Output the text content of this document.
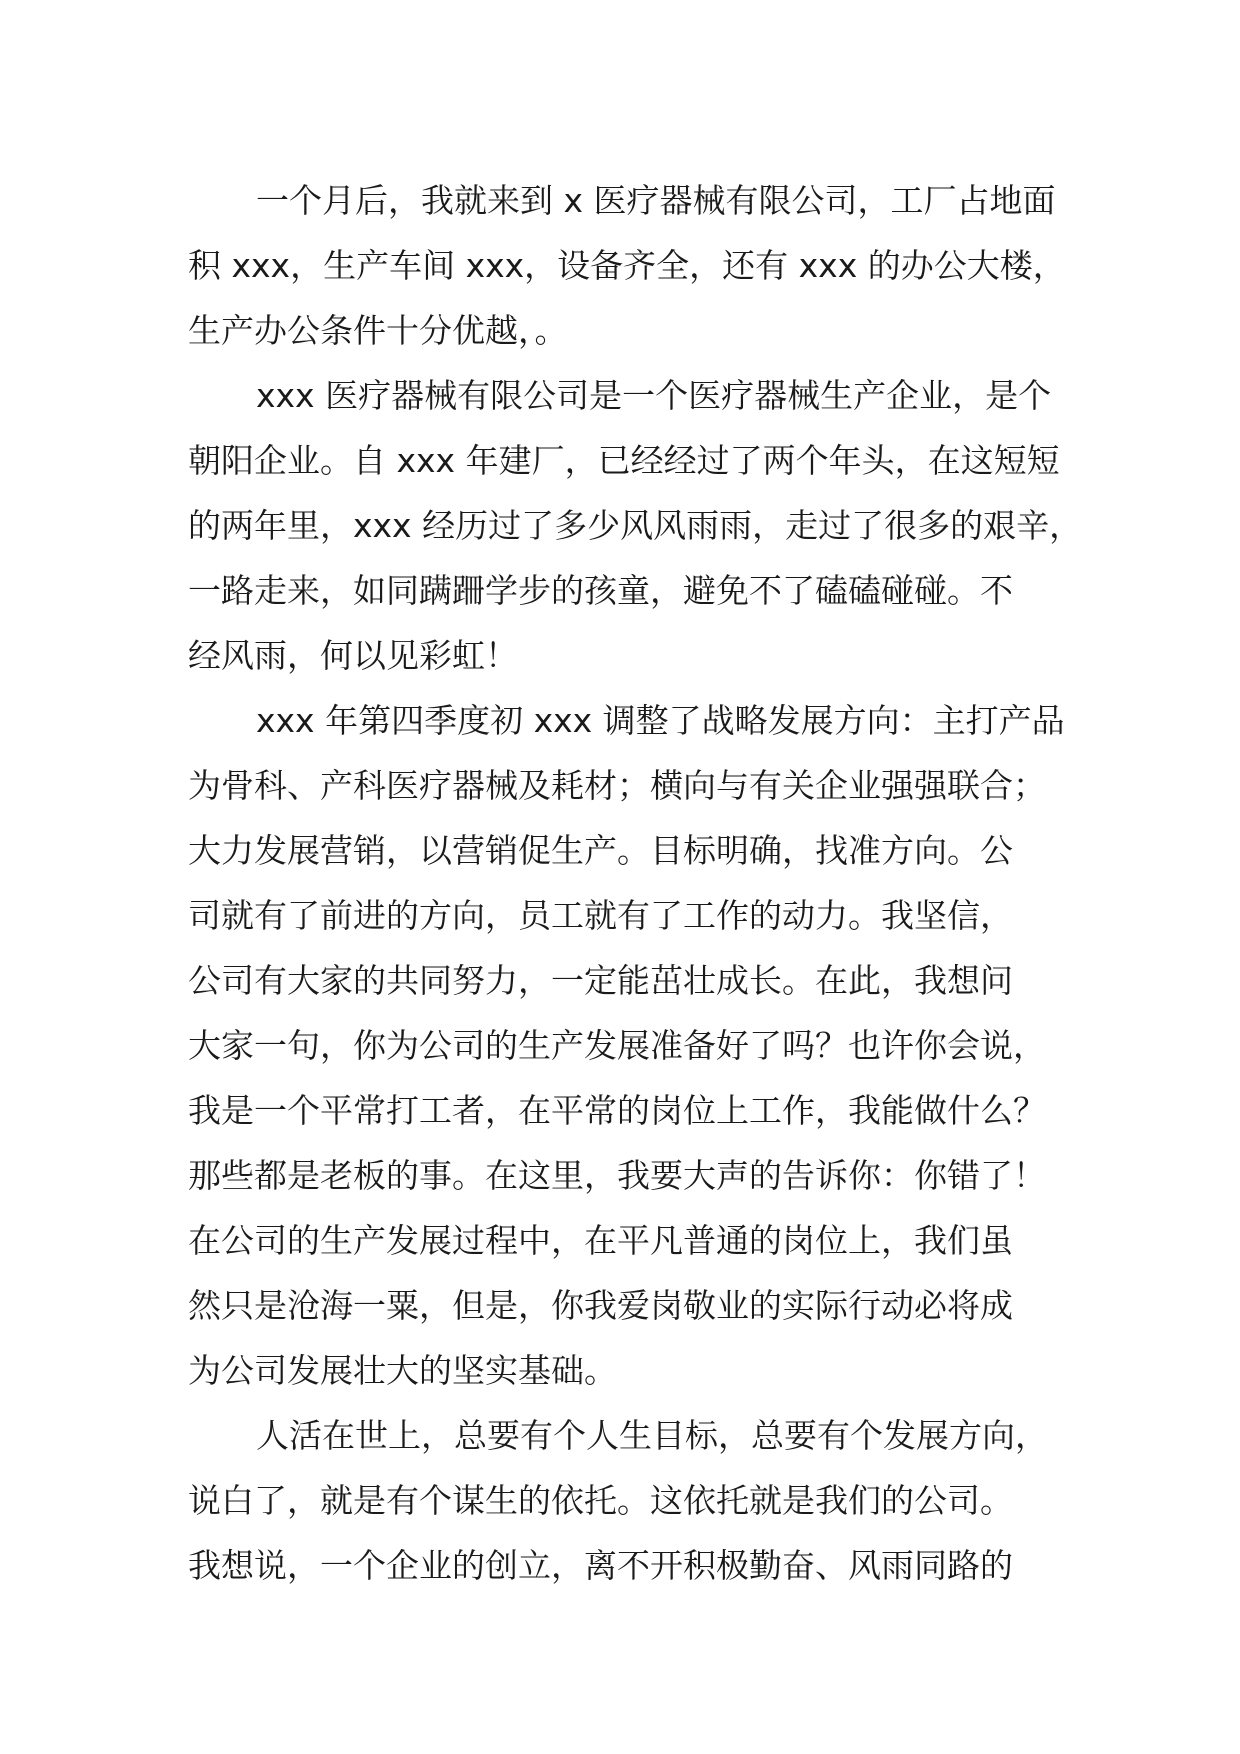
一个月后，我就来到 x 医疗器械有限公司，工厂占地面
积 xxx，生产车间 xxx，设备齐全，还有 xxx 的办公大楼，
生产办公条件十分优越，。
xxx 医疗器械有限公司是一个医疗器械生产企业，是个
朝阳企业。自 xxx 年建厂，已经经过了两个年头，在这短短
的两年里，xxx 经历过了多少风风雨雨，走过了很多的艰辛，
一路走来，如同蹒跚学步的孩童，避免不了磕磕碰碰。不
经风雨，何以见彩虹！
xxx 年第四季度初 xxx 调整了战略发展方向：主打产品
为骨科、产科医疗器械及耗材；横向与有关企业强强联合；
大力发展营销，以营销促生产。目标明确，找准方向。公
司就有了前进的方向，员工就有了工作的动力。我坚信，
公司有大家的共同努力，一定能茁壮成长。在此，我想问
大家一句，你为公司的生产发展准备好了吗？也许你会说，
我是一个平常打工者，在平常的岗位上工作，我能做什么？
那些都是老板的事。在这里，我要大声的告诉你：你错了！
在公司的生产发展过程中，在平凡普通的岗位上，我们虽
然只是沧海一粟，但是，你我爱岗敬业的实际行动必将成
为公司发展壮大的坚实基础。
人活在世上，总要有个人生目标，总要有个发展方向，
说白了，就是有个谋生的依托。这依托就是我们的公司。
我想说，一个企业的创立，离不开积极勤奋、风雨同路的
